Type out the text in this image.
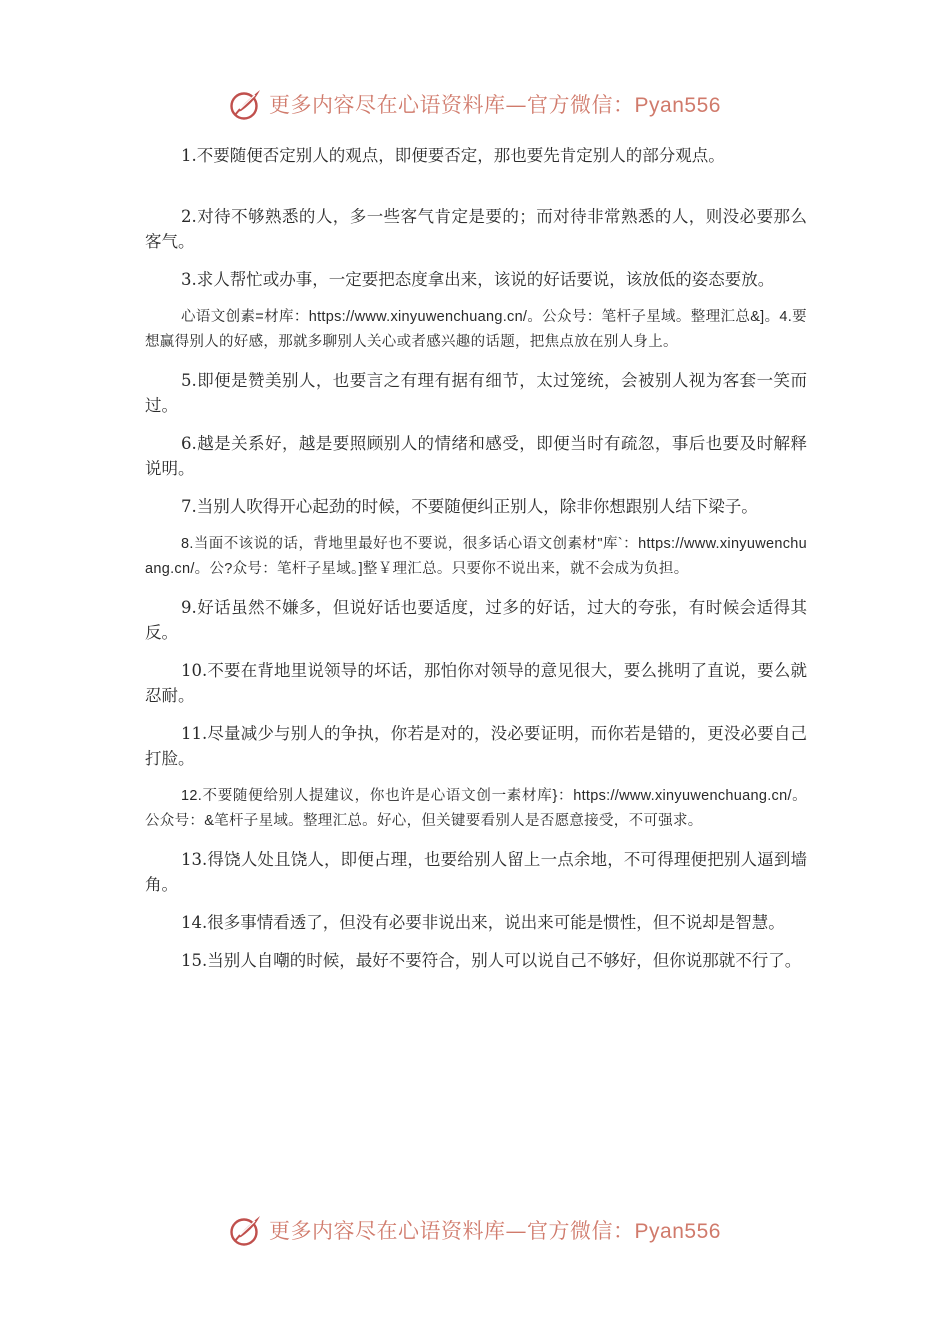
更多内容尽在心语资料库—官方微信：Pyan556

1.不要随便否定别人的观点，即便要否定，那也要先肯定别人的部分观点。

2.对待不够熟悉的人，多一些客气肯定是要的；而对待非常熟悉的人，则没必要那么客气。

3.求人帮忙或办事，一定要把态度拿出来，该说的好话要说，该放低的姿态要放。

心语文创素=材库：https://www.xinyuwenchuang.cn/。公众号：笔杆子星域。整理汇总&]。4.要想赢得别人的好感，那就多聊别人关心或者感兴趣的话题，把焦点放在别人身上。

5.即便是赞美别人，也要言之有理有据有细节，太过笼统，会被别人视为客套一笑而过。

6.越是关系好，越是要照顾别人的情绪和感受，即便当时有疏忽，事后也要及时解释说明。

7.当别人吹得开心起劲的时候，不要随便纠正别人，除非你想跟别人结下梁子。

8.当面不该说的话，背地里最好也不要说，很多话心语文创素材"库`：https://www.xinyuwenchuang.cn/。公?众号：笔杆子星域。]整￥理汇总。只要你不说出来，就不会成为负担。

9.好话虽然不嫌多，但说好话也要适度，过多的好话，过大的夸张，有时候会适得其反。

10.不要在背地里说领导的坏话，那怕你对领导的意见很大，要么挑明了直说，要么就忍耐。

11.尽量减少与别人的争执，你若是对的，没必要证明，而你若是错的，更没必要自己打脸。

12.不要随便给别人提建议，你也许是心语文创一素材库}：https://www.xinyuwenchuang.cn/。公众号：&笔杆子星域。整理汇总。好心，但关键要看别人是否愿意接受，不可强求。

13.得饶人处且饶人，即便占理，也要给别人留上一点余地，不可得理便把别人逼到墙角。

14.很多事情看透了，但没有必要非说出来，说出来可能是惯性，但不说却是智慧。

15.当别人自嘲的时候，最好不要符合，别人可以说自己不够好，但你说那就不行了。

更多内容尽在心语资料库—官方微信：Pyan556
